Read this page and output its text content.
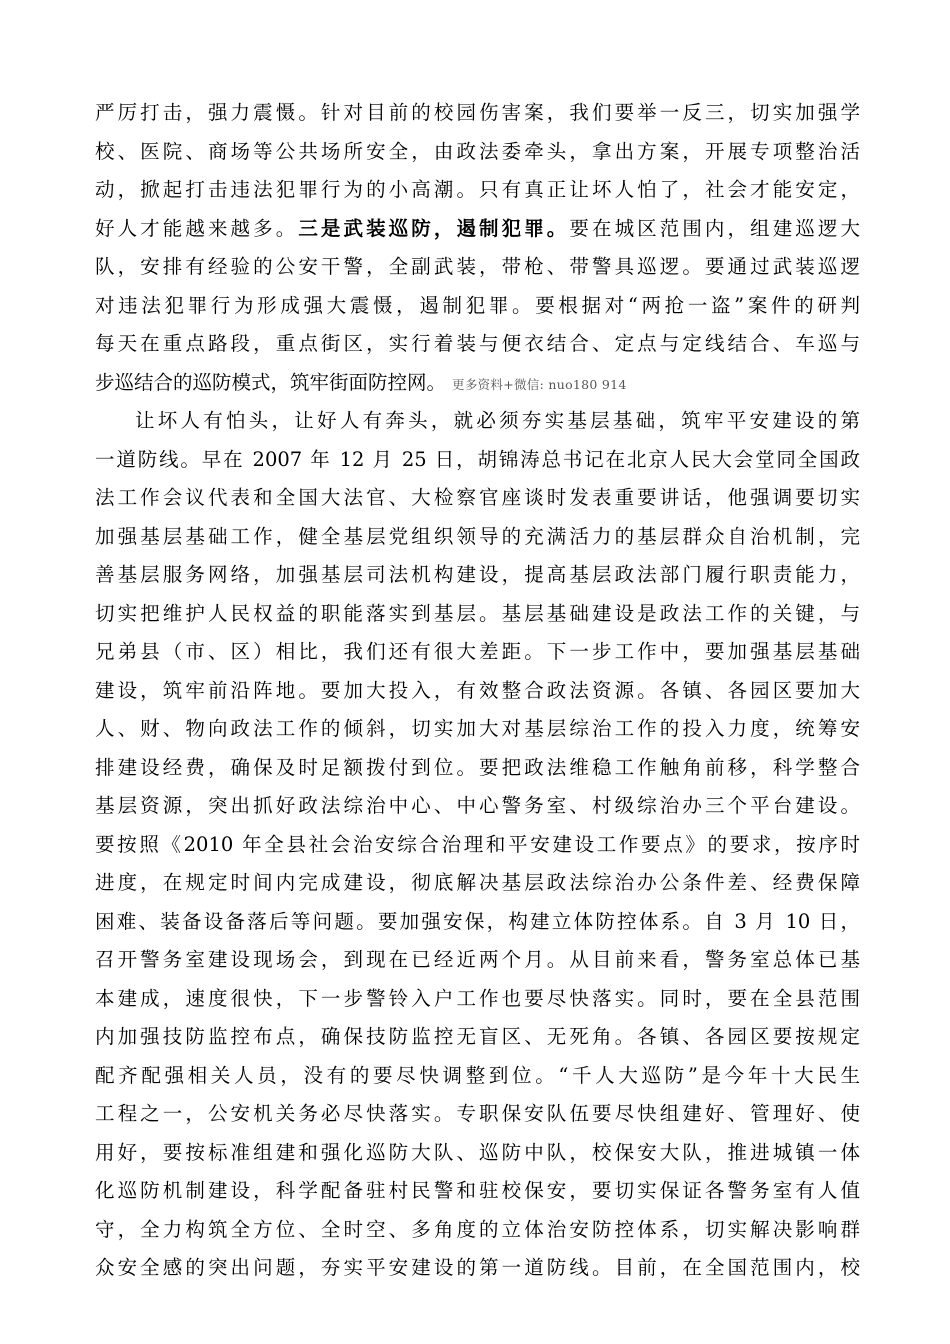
严厉打击，强力震慑。针对目前的校园伤害案，我们要举一反三，切实加强学
校、医院、商场等公共场所安全，由政法委牵头，拿出方案，开展专项整治活
动，掀起打击违法犯罪行为的小高潮。只有真正让坏人怕了，社会才能安定，
好人才能越来越多。三是武装巡防，遏制犯罪。要在城区范围内，组建巡逻大
队，安排有经验的公安干警，全副武装，带枪、带警具巡逻。要通过武装巡逻
对违法犯罪行为形成强大震慑，遏制犯罪。要根据对“两抢一盗”案件的研判
每天在重点路段，重点街区，实行着装与便衣结合、定点与定线结合、车巡与
步巡结合的巡防模式，筑牢街面防控网。 更多资料+微信: nuo180 914
让坏人有怕头，让好人有奔头，就必须夯实基层基础，筑牢平安建设的第
一道防线。早在 2007 年 12 月 25 日，胡锦涛总书记在北京人民大会堂同全国政
法工作会议代表和全国大法官、大检察官座谈时发表重要讲话，他强调要切实
加强基层基础工作，健全基层党组织领导的充满活力的基层群众自治机制，完
善基层服务网络，加强基层司法机构建设，提高基层政法部门履行职责能力，
切实把维护人民权益的职能落实到基层。基层基础建设是政法工作的关键，与
兄弟县（市、区）相比，我们还有很大差距。下一步工作中，要加强基层基础
建设，筑牢前沿阵地。要加大投入，有效整合政法资源。各镇、各园区要加大
人、财、物向政法工作的倾斜，切实加大对基层综治工作的投入力度，统筹安
排建设经费，确保及时足额拨付到位。要把政法维稳工作触角前移，科学整合
基层资源，突出抓好政法综治中心、中心警务室、村级综治办三个平台建设。
要按照《2010 年全县社会治安综合治理和平安建设工作要点》的要求，按序时
进度，在规定时间内完成建设，彻底解决基层政法综治办公条件差、经费保障
困难、装备设备落后等问题。要加强安保，构建立体防控体系。自 3 月 10 日，
召开警务室建设现场会，到现在已经近两个月。从目前来看，警务室总体已基
本建成，速度很快，下一步警铃入户工作也要尽快落实。同时，要在全县范围
内加强技防监控布点，确保技防监控无盲区、无死角。各镇、各园区要按规定
配齐配强相关人员，没有的要尽快调整到位。“千人大巡防”是今年十大民生
工程之一，公安机关务必尽快落实。专职保安队伍要尽快组建好、管理好、使
用好，要按标准组建和强化巡防大队、巡防中队，校保安大队，推进城镇一体
化巡防机制建设，科学配备驻村民警和驻校保安，要切实保证各警务室有人值
守，全力构筑全方位、全时空、多角度的立体治安防控体系，切实解决影响群
众安全感的突出问题，夯实平安建设的第一道防线。目前，在全国范围内，校
